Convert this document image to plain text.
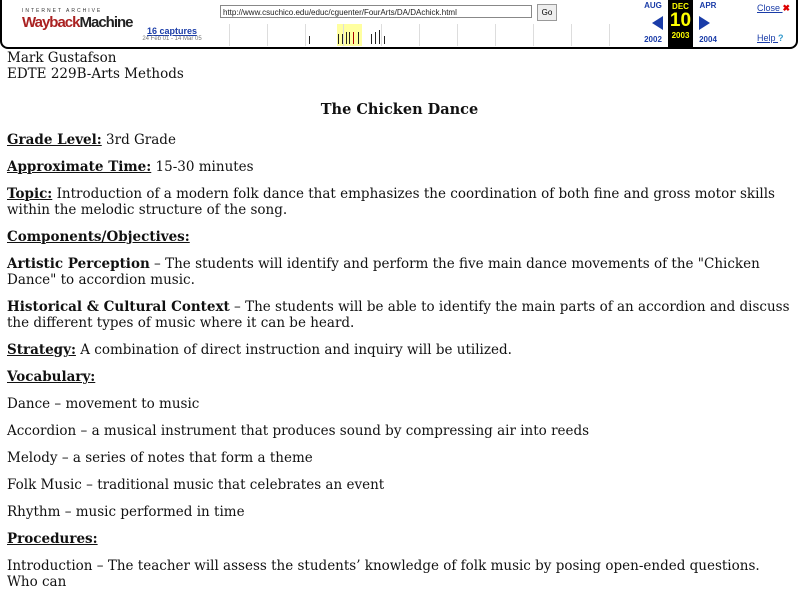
INTERNET ARCHIVE
WaybackMachine	16 captures
24 Feb 01 - 14 Mar 05
http://www.csuchico.edu/educ/cguenter/FourArts/DA/DAchick.html	Go
AUG
2002
DEC
10
2003
APR
2004
Close ✖
Help ?
Mark Gustafson
EDTE 229B-Arts Methods
The Chicken Dance

Grade Level: 3rd Grade

Approximate Time: 15-30 minutes

Topic: Introduction of a modern folk dance that emphasizes the coordination of both fine and gross motor skills within the melodic structure of the song.

Components/Objectives:

Artistic Perception – The students will identify and perform the five main dance movements of the "Chicken Dance" to accordion music.

Historical & Cultural Context – The students will be able to identify the main parts of an accordion and discuss the different types of music where it can be heard.

Strategy: A combination of direct instruction and inquiry will be utilized.

Vocabulary:

Dance – movement to music

Accordion – a musical instrument that produces sound by compressing air into reeds

Melody – a series of notes that form a theme

Folk Music – traditional music that celebrates an event

Rhythm – music performed in time

Procedures:

Introduction – The teacher will assess the students’ knowledge of folk music by posing open-ended questions. Who can
